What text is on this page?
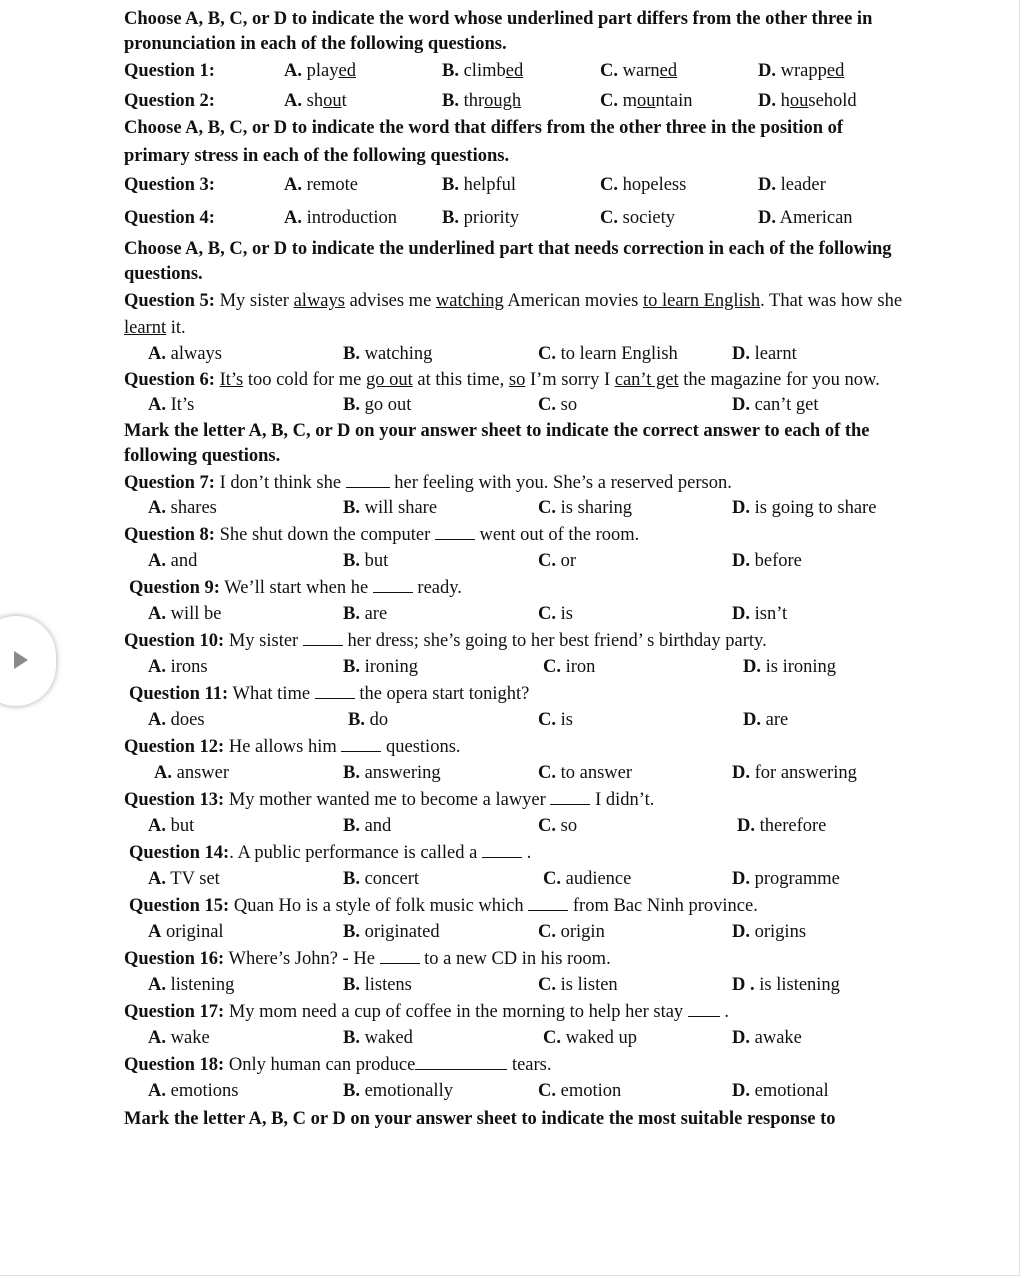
Choose A, B, C, or D to indicate the word whose underlined part differs from the other three in pronunciation in each of the following questions.

Question 1:	A. played	B. climbed	C. warned	D. wrapped
Question 2:	A. shout	B. through	C. mountain	D. household

Choose A, B, C, or D to indicate the word that differs from the other three in the position of

primary stress in each of the following questions.

Question 3:	A. remote	B. helpful	C. hopeless	D. leader
Question 4:	A. introduction	B. priority	C. society	D. American

Choose A, B, C, or D to indicate the underlined part that needs correction in each of the following questions.

Question 5: My sister always advises me watching American movies to learn English. That was how she learnt it.

A. always	B. watching	C. to learn English	D. learnt

Question 6: It’s too cold for me go out at this time, so I’m sorry I can’t get the magazine for you now.

A. It’s	B. go out	C. so	D. can’t get

Mark the letter A, B, C, or D on your answer sheet to indicate the correct answer to each of the following questions.

Question 7: I don’t think she	her feeling with you. She’s a reserved person.

A. shares	B. will share	C. is sharing	D. is going to share

Question 8: She shut down the computer	went out of the room.

A. and	B. but	C. or	D. before

Question 9: We’ll start when he	ready.

A. will be	B. are	C. is	D. isn’t

Question 10: My sister	her dress; she’s going to her best friend’ s birthday party.

A. irons	B. ironing	C. iron	D. is ironing

Question 11: What time	the opera start tonight?

A. does	B. do	C. is	D. are

Question 12: He allows him	questions.

A. answer	B. answering	C. to answer	D. for answering

Question 13: My mother wanted me to become a lawyer	I didn’t.

A. but	B. and	C. so	D. therefore

Question 14:. A public performance is called a	.

A. TV set	B. concert	C. audience	D. programme

Question 15: Quan Ho is a style of folk music which	from Bac Ninh province.

A original	B. originated	C. origin	D. origins

Question 16: Where’s John? - He	to a new CD in his room.

A. listening	B. listens	C. is listen	D . is listening

Question 17: My mom need a cup of coffee in the morning to help her stay .

A. wake	B. waked	C. waked up	D. awake

Question 18: Only human can produce	tears.

A. emotions	B. emotionally	C. emotion	D. emotional

Mark the letter A, B, C or D on your answer sheet to indicate the most suitable response to
